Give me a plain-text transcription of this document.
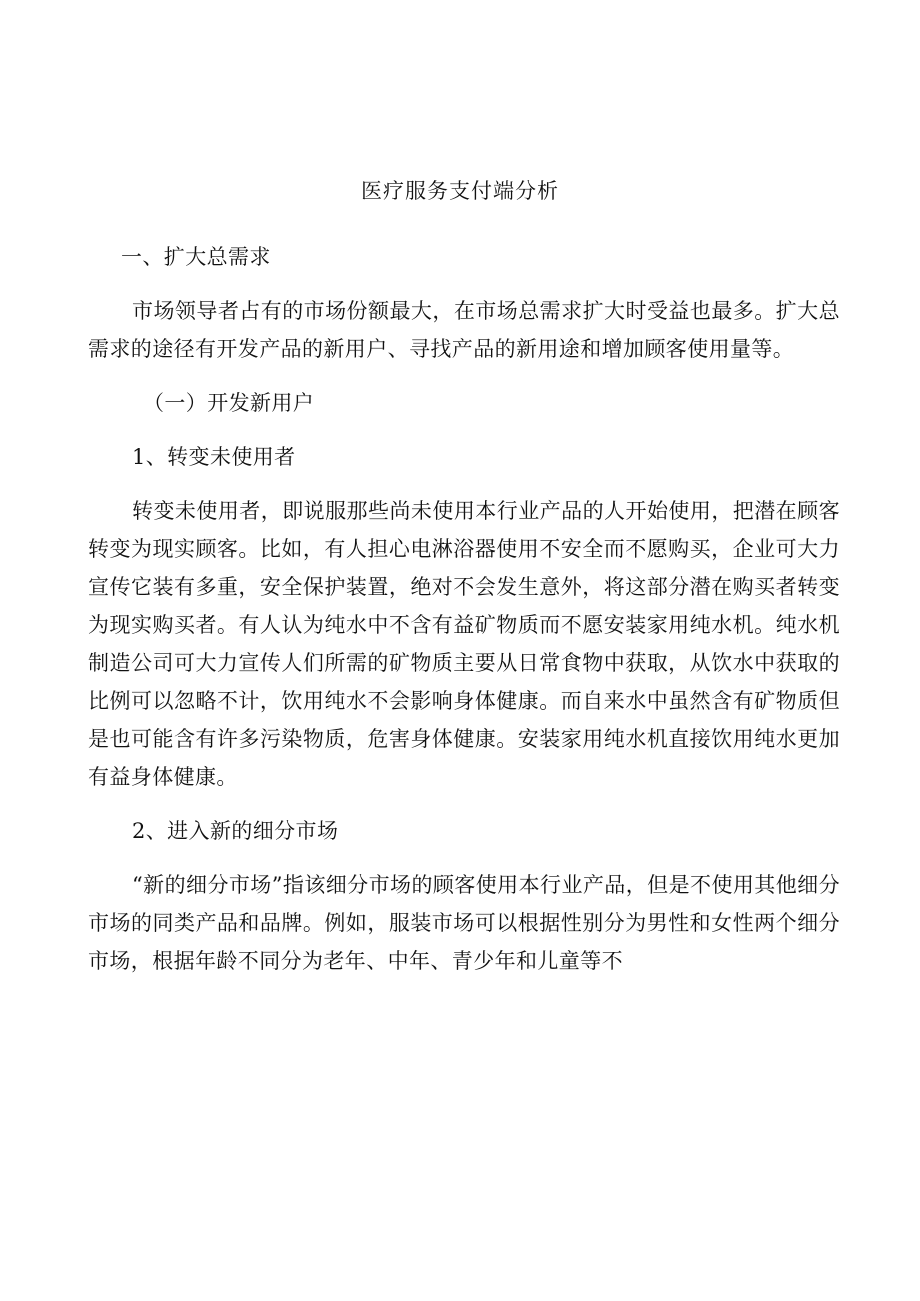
医疗服务支付端分析

一、扩大总需求

市场领导者占有的市场份额最大，在市场总需求扩大时受益也最多。扩大总需求的途径有开发产品的新用户、寻找产品的新用途和增加顾客使用量等。

（一）开发新用户

1、转变未使用者

转变未使用者，即说服那些尚未使用本行业产品的人开始使用，把潜在顾客转变为现实顾客。比如，有人担心电淋浴器使用不安全而不愿购买，企业可大力宣传它装有多重，安全保护装置，绝对不会发生意外，将这部分潜在购买者转变为现实购买者。有人认为纯水中不含有益矿物质而不愿安装家用纯水机。纯水机制造公司可大力宣传人们所需的矿物质主要从日常食物中获取，从饮水中获取的比例可以忽略不计，饮用纯水不会影响身体健康。而自来水中虽然含有矿物质但是也可能含有许多污染物质，危害身体健康。安装家用纯水机直接饮用纯水更加有益身体健康。

2、进入新的细分市场

“新的细分市场”指该细分市场的顾客使用本行业产品，但是不使用其他细分市场的同类产品和品牌。例如，服装市场可以根据性别分为男性和女性两个细分市场，根据年龄不同分为老年、中年、青少年和儿童等不
